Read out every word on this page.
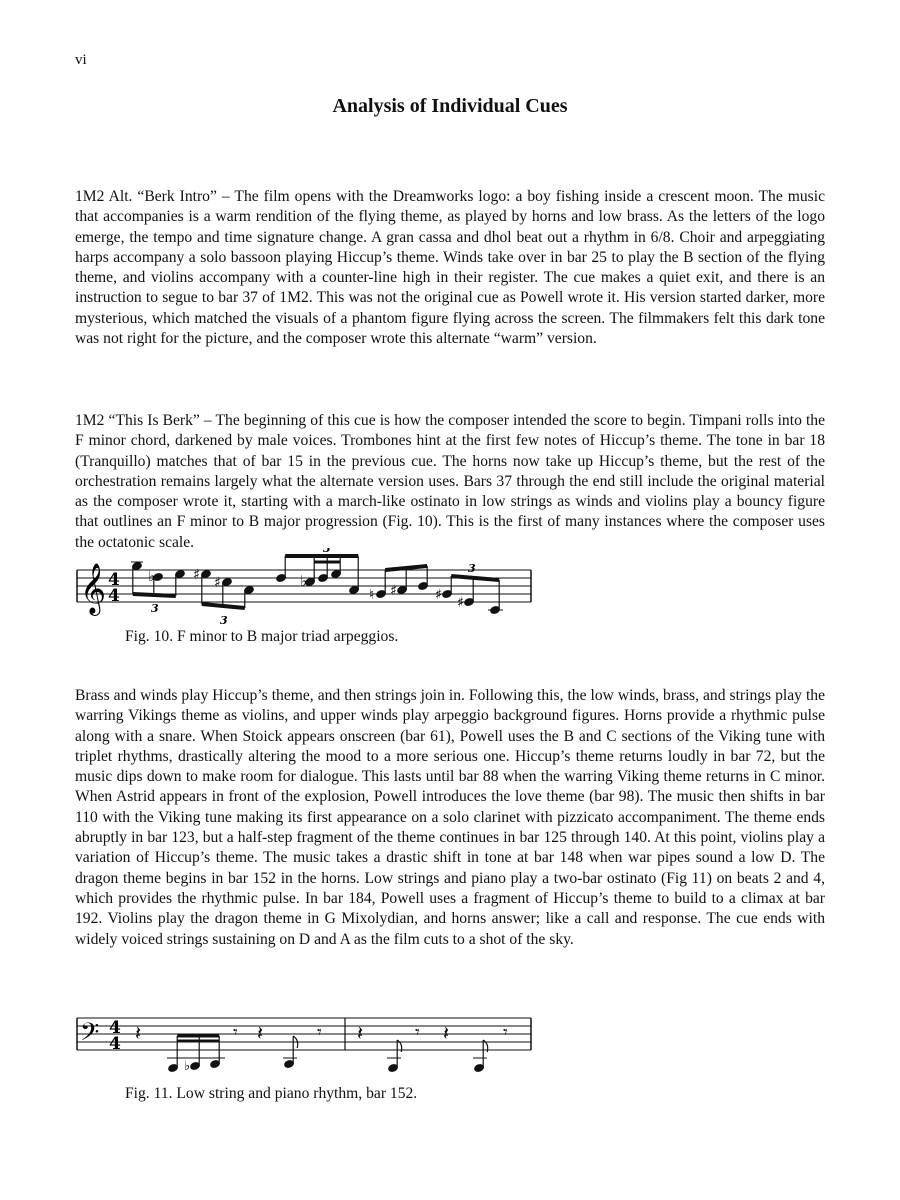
vi
Analysis of Individual Cues

1M2 Alt. “Berk Intro” – The film opens with the Dreamworks logo: a boy fishing inside a crescent moon. The music that accompanies is a warm rendition of the flying theme, as played by horns and low brass. As the letters of the logo emerge, the tempo and time signature change. A gran cassa and dhol beat out a rhythm in 6/8. Choir and arpeggiating harps accompany a solo bassoon playing Hiccup’s theme. Winds take over in bar 25 to play the B section of the flying theme, and violins accompany with a counter-line high in their register. The cue makes a quiet exit, and there is an instruction to segue to bar 37 of 1M2. This was not the original cue as Powell wrote it. His version started darker, more mysterious, which matched the visuals of a phantom figure flying across the screen. The filmmakers felt this dark tone was not right for the picture, and the composer wrote this alternate “warm” version.

1M2 “This Is Berk” – The beginning of this cue is how the composer intended the score to begin. Timpani rolls into the F minor chord, darkened by male voices. Trombones hint at the first few notes of Hiccup’s theme. The tone in bar 18 (Tranquillo) matches that of bar 15 in the previous cue. The horns now take up Hiccup’s theme, but the rest of the orchestration remains largely what the alternate version uses. Bars 37 through the end still include the original material as the composer wrote it, starting with a march-like ostinato in low strings as winds and violins play a bouncy figure that outlines an F minor to B major progression (Fig. 10). This is the first of many instances where the composer uses the octatonic scale.

𝄞 4
4
♭
3
♯ ♯
3
♭
3
♮ ♯
3
♯ ♯
Fig. 10. F minor to B major triad arpeggios.

Brass and winds play Hiccup’s theme, and then strings join in. Following this, the low winds, brass, and strings play the warring Vikings theme as violins, and upper winds play arpeggio background figures. Horns provide a rhythmic pulse along with a snare. When Stoick appears onscreen (bar 61), Powell uses the B and C sections of the Viking tune with triplet rhythms, drastically altering the mood to a more serious one. Hiccup’s theme returns loudly in bar 72, but the music dips down to make room for dialogue. This lasts until bar 88 when the warring Viking theme returns in C minor. When Astrid appears in front of the explosion, Powell introduces the love theme (bar 98). The music then shifts in bar 110 with the Viking tune making its first appearance on a solo clarinet with pizzicato accompaniment. The theme ends abruptly in bar 123, but a half-step fragment of the theme continues in bar 125 through 140. At this point, violins play a variation of Hiccup’s theme. The music takes a drastic shift in tone at bar 148 when war pipes sound a low D. The dragon theme begins in bar 152 in the horns. Low strings and piano play a two-bar ostinato (Fig 11) on beats 2 and 4, which provides the rhythmic pulse. In bar 184, Powell uses a fragment of Hiccup’s theme to build to a climax at bar 192. Violins play the dragon theme in G Mixolydian, and horns answer; like a call and response. The cue ends with widely voiced strings sustaining on D and A as the film cuts to a shot of the sky.

𝄢 4
4 𝄽
♭
𝄾 𝄽	𝄾 𝄽	𝄾 𝄽	𝄾
Fig. 11. Low string and piano rhythm, bar 152.
